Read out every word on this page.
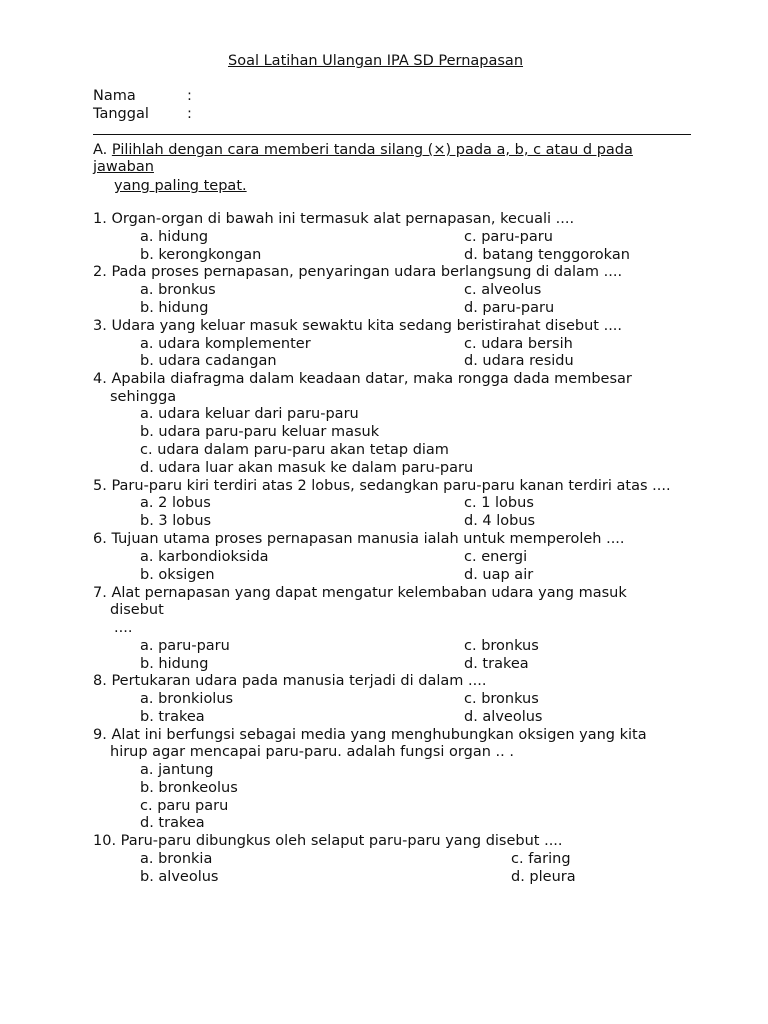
Soal Latihan Ulangan IPA SD Pernapasan
Nama	:
Tanggal	:
A. Pilihlah dengan cara memberi tanda silang (×) pada a, b, c atau d pada
jawaban
yang paling tepat.
1. Organ-organ di bawah ini termasuk alat pernapasan, kecuali ....
a. hidung	c. paru-paru
b. kerongkongan	d. batang tenggorokan
2. Pada proses pernapasan, penyaringan udara berlangsung di dalam ....
a. bronkus	c. alveolus
b. hidung	d. paru-paru
3. Udara yang keluar masuk sewaktu kita sedang beristirahat disebut ....
a. udara komplementer	c. udara bersih
b. udara cadangan	d. udara residu
4. Apabila diafragma dalam keadaan datar, maka rongga dada membesar
sehingga
a. udara keluar dari paru-paru
b. udara paru-paru keluar masuk
c. udara dalam paru-paru akan tetap diam
d. udara luar akan masuk ke dalam paru-paru
5. Paru-paru kiri terdiri atas 2 lobus, sedangkan paru-paru kanan terdiri atas ....
a. 2 lobus	c. 1 lobus
b. 3 lobus	d. 4 lobus
6. Tujuan utama proses pernapasan manusia ialah untuk memperoleh ....
a. karbondioksida	c. energi
b. oksigen	d. uap air
7. Alat pernapasan yang dapat mengatur kelembaban udara yang masuk
disebut
....
a. paru-paru	c. bronkus
b. hidung	d. trakea
8. Pertukaran udara pada manusia terjadi di dalam ....
a. bronkiolus	c. bronkus
b. trakea	d. alveolus
9. Alat ini berfungsi sebagai media yang menghubungkan oksigen yang kita
hirup agar mencapai paru-paru. adalah fungsi organ .. .
a. jantung
b. bronkeolus
c. paru paru
d. trakea
10. Paru-paru dibungkus oleh selaput paru-paru yang disebut ....
a. bronkia	c. faring
b. alveolus	d. pleura
